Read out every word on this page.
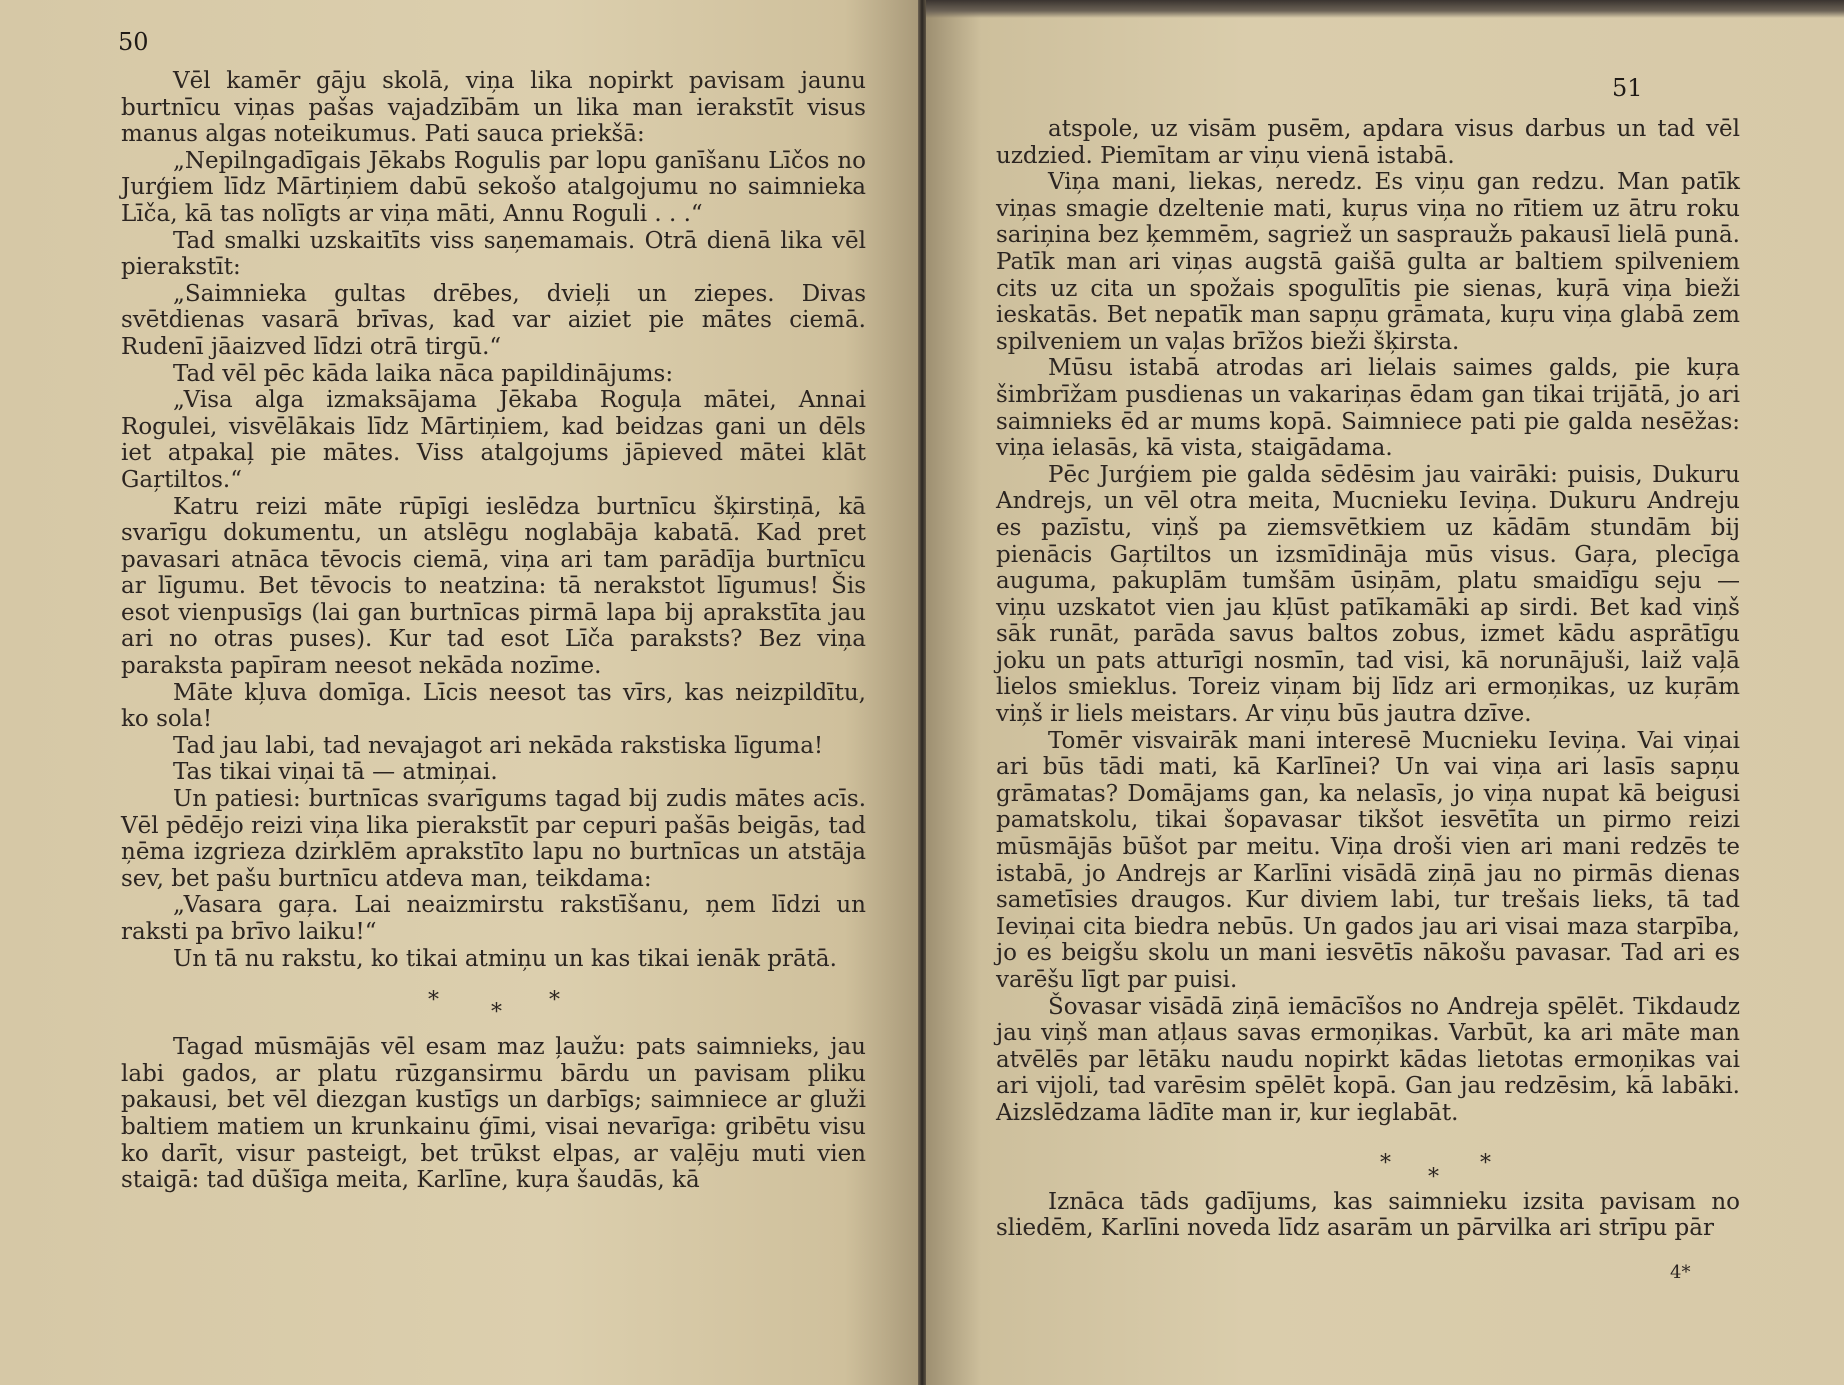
50

Vēl kamēr gāju skolā, viņa lika nopirkt pavisam jaunu burtnīcu viņas pašas vajadzībām un lika man ierakstīt visus manus algas noteikumus. Pati sauca priekšā:

„Nepilngadīgais Jēkabs Rogulis par lopu ganīšanu Līčos no Jurģiem līdz Mārtiņiem dabū sekošo atalgojumu no saimnieka Līča, kā tas nolīgts ar viņa māti, Annu Roguli . . .“

Tad smalki uzskaitīts viss saņemamais. Otrā dienā lika vēl pierakstīt:

„Saimnieka gultas drēbes, dvieļi un ziepes. Divas svētdienas vasarā brīvas, kad var aiziet pie mātes ciemā. Rudenī jāaizved līdzi otrā tirgū.“

Tad vēl pēc kāda laika nāca papildinājums:

„Visa alga izmaksājama Jēkaba Roguļa mātei, Annai Rogulei, visvēlākais līdz Mārtiņiem, kad beidzas gani un dēls iet atpakaļ pie mātes. Viss atalgojums jāpieved mātei klāt Gaŗtiltos.“

Katru reizi māte rūpīgi ieslēdza burtnīcu šķirstiņā, kā svarīgu dokumentu, un atslēgu noglabāja kabatā. Kad pret pavasari atnāca tēvocis ciemā, viņa ari tam parādīja burtnīcu ar līgumu. Bet tēvocis to neatzina: tā nerakstot līgumus! Šis esot vienpusīgs (lai gan burtnīcas pirmā lapa bij aprakstīta jau ari no otras puses). Kur tad esot Līča paraksts? Bez viņa paraksta papīram neesot nekāda nozīme.

Māte kļuva domīga. Līcis neesot tas vīrs, kas neizpildītu, ko sola!

Tad jau labi, tad nevajagot ari nekāda rakstiska līguma!

Tas tikai viņai tā — atmiņai.

Un patiesi: burtnīcas svarīgums tagad bij zudis mātes acīs. Vēl pēdējo reizi viņa lika pierakstīt par cepuri pašās beigās, tad ņēma izgrieza dzirklēm aprakstīto lapu no burtnīcas un atstāja sev, bet pašu burtnīcu atdeva man, teikdama:

„Vasara gaŗa. Lai neaizmirstu rakstīšanu, ņem līdzi un raksti pa brīvo laiku!“

Un tā nu rakstu, ko tikai atmiņu un kas tikai ienāk prātā.

* * *

Tagad mūsmājās vēl esam maz ļaužu: pats saimnieks, jau labi gados, ar platu rūzgansirmu bārdu un pavisam pliku pakausi, bet vēl diezgan kustīgs un darbīgs; saimniece ar gluži baltiem matiem un krunkainu ģīmi, visai nevarīga: gribētu visu ko darīt, visur pasteigt, bet trūkst elpas, ar vaļēju muti vien staigā: tad dūšīga meita, Karlīne, kuŗa šaudās, kā

51

atspole, uz visām pusēm, apdara visus darbus un tad vēl uzdzied. Piemītam ar viņu vienā istabā.

Viņa mani, liekas, neredz. Es viņu gan redzu. Man patīk viņas smagie dzeltenie mati, kuŗus viņa no rītiem uz ātru roku sariņina bez ķemmēm, sagriež un saspraužь pakausī lielā punā. Patīk man ari viņas augstā gaišā gulta ar baltiem spilveniem cits uz cita un spožais spogulītis pie sienas, kuŗā viņa bieži ieskatās. Bet nepatīk man sapņu grāmata, kuŗu viņa glabā zem spilveniem un vaļas brīžos bieži šķirsta.

Mūsu istabā atrodas ari lielais saimes galds, pie kuŗa šimbrīžam pusdienas un vakariņas ēdam gan tikai trijātā, jo ari saimnieks ēd ar mums kopā. Saimniece pati pie galda nesēžas: viņa ielasās, kā vista, staigādama.

Pēc Jurģiem pie galda sēdēsim jau vairāki: puisis, Dukuru Andrejs, un vēl otra meita, Mucnieku Ieviņa. Dukuru Andreju es pazīstu, viņš pa ziemsvētkiem uz kādām stundām bij pienācis Gaŗtiltos un izsmīdināja mūs visus. Gaŗa, plecīga auguma, pakuplām tumšām ūsiņām, platu smaidīgu seju — viņu uzskatot vien jau kļūst patīkamāki ap sirdi. Bet kad viņš sāk runāt, parāda savus baltos zobus, izmet kādu asprātīgu joku un pats atturīgi nosmīn, tad visi, kā norunājuši, laiž vaļā lielos smieklus. Toreiz viņam bij līdz ari ermoņikas, uz kuŗām viņš ir liels meistars. Ar viņu būs jautra dzīve.

Tomēr visvairāk mani interesē Mucnieku Ieviņa. Vai viņai ari būs tādi mati, kā Karlīnei? Un vai viņa ari lasīs sapņu grāmatas? Domājams gan, ka nelasīs, jo viņa nupat kā beigusi pamatskolu, tikai šopavasar tikšot iesvētīta un pirmo reizi mūsmājās būšot par meitu. Viņa droši vien ari mani redzēs te istabā, jo Andrejs ar Karlīni visādā ziņā jau no pirmās dienas sametīsies draugos. Kur diviem labi, tur trešais lieks, tā tad Ieviņai cita biedra nebūs. Un gados jau ari visai maza starpība, jo es beigšu skolu un mani iesvētīs nākošu pavasar. Tad ari es varēšu līgt par puisi.

Šovasar visādā ziņā iemācīšos no Andreja spēlēt. Tikdaudz jau viņš man atļaus savas ermoņikas. Varbūt, ka ari māte man atvēlēs par lētāku naudu nopirkt kādas lietotas ermoņikas vai ari vijoli, tad varēsim spēlēt kopā. Gan jau redzēsim, kā labāki. Aizslēdzama lādīte man ir, kur ieglabāt.

*
*
*

Iznāca tāds gadījums, kas saimnieku izsita pavisam no sliedēm, Karlīni noveda līdz asarām un pārvilka ari strīpu pār

4*
